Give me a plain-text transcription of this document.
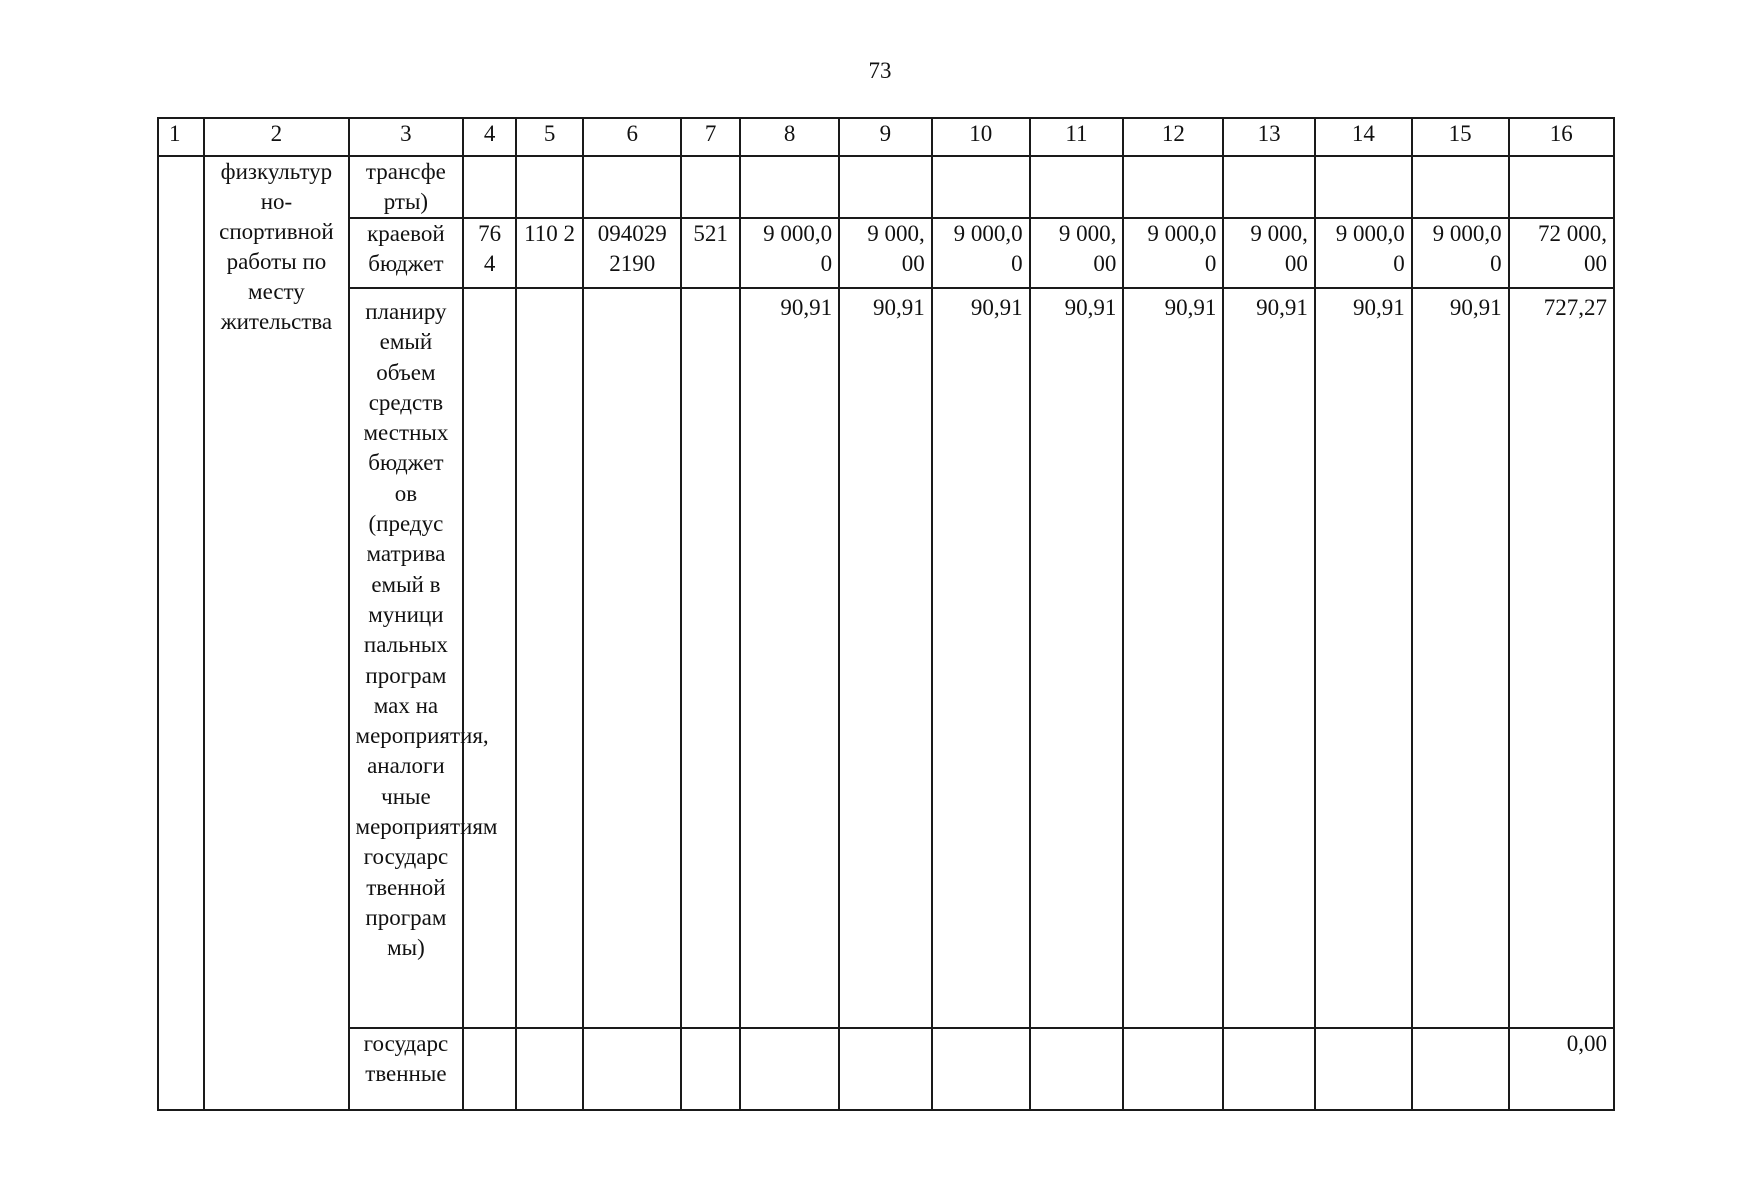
73
1	2	3	4	5	6	7	8	9	10	11	12	13	14	15	16
	физкультур но-спортивной работы по месту жительства	трансфе рты)													
		краевой бюджет	76 4	110 2	094029 2190	521	9 000,0 0	9 000, 00	9 000,0 0	9 000, 00	9 000,0 0	9 000, 00	9 000,0 0	9 000,0 0	72 000, 00
		планиру емый объем средств местных бюджет ов (предус матрива емый в муници пальных програм мах на мероприятия, аналоги чные мероприятиям государс твенной програм мы)					90,91	90,91	90,91	90,91	90,91	90,91	90,91	90,91	727,27
		государс твенные													0,00
